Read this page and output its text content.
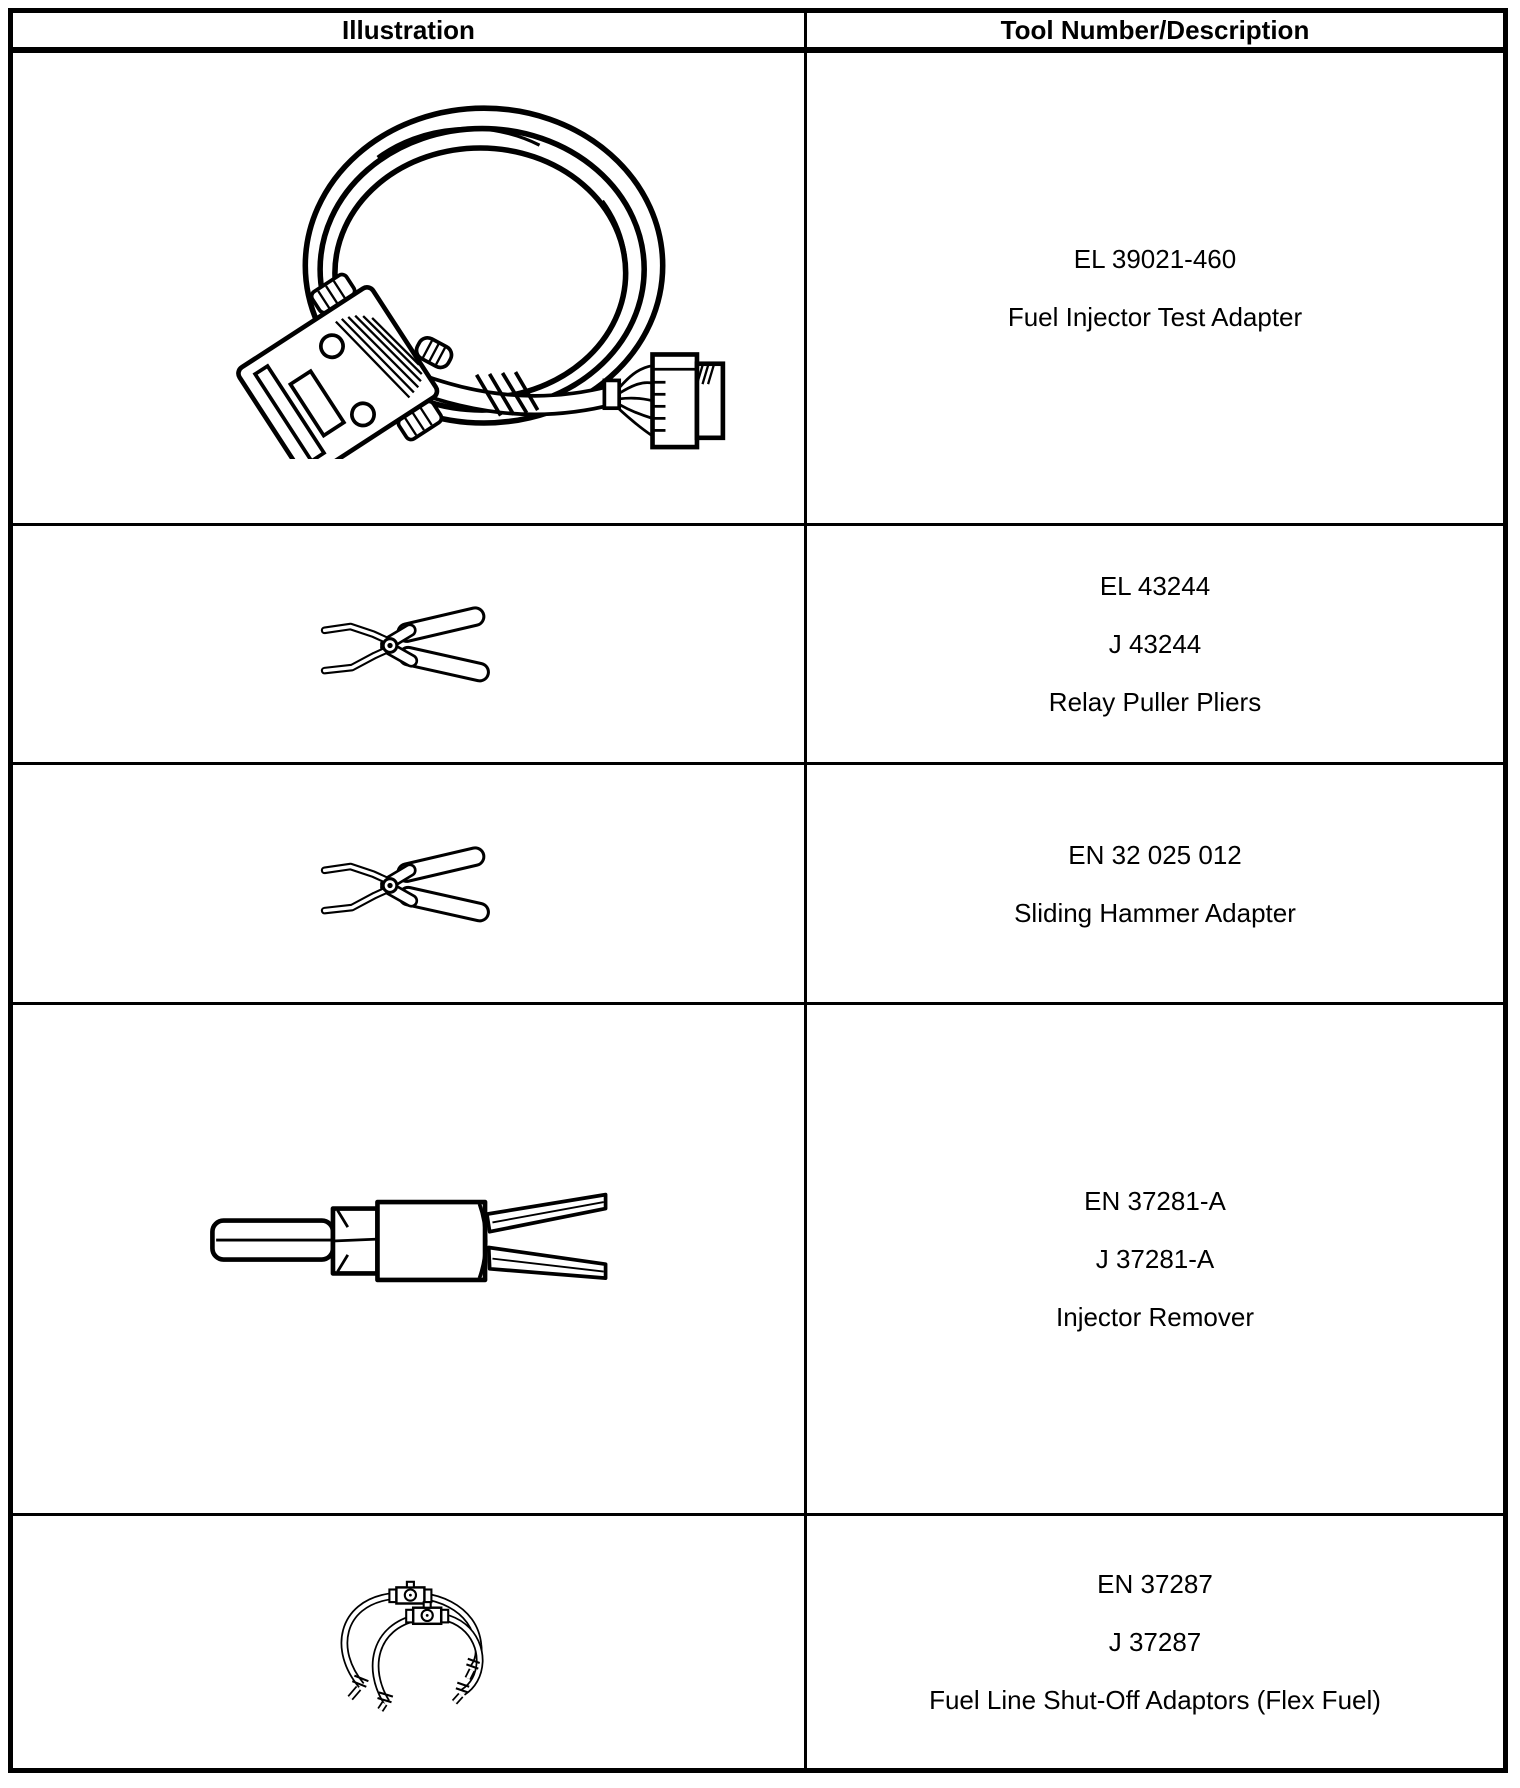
Illustration	Tool Number/Description

EL 39021-460
Fuel Injector Test Adapter

EL 43244
J 43244
Relay Puller Pliers

EN 32 025 012
Sliding Hammer Adapter

EN 37281-A
J 37281-A
Injector Remover

EN 37287
J 37287
Fuel Line Shut-Off Adaptors (Flex Fuel)
